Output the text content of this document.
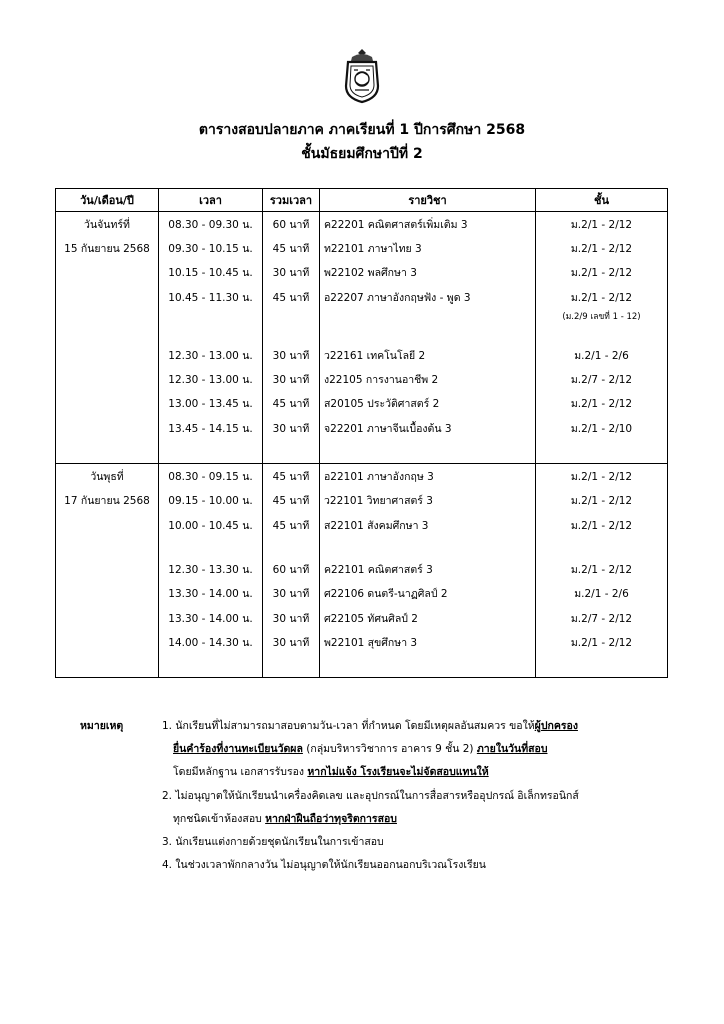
ตารางสอบปลายภาค ภาคเรียนที่ 1 ปีการศึกษา 2568
ชั้นมัธยมศึกษาปีที่ 2
วัน/เดือน/ปี	เวลา	รวมเวลา	รายวิชา	ชั้น
วันจันทร์ที่	08.30 - 09.30 น.	60 นาที	ค22201 คณิตศาสตร์เพิ่มเติม 3	ม.2/1 - 2/12
15 กันยายน 2568	09.30 - 10.15 น.	45 นาที	ท22101 ภาษาไทย 3	ม.2/1 - 2/12
	10.15 - 10.45 น.	30 นาที	พ22102 พลศึกษา 3	ม.2/1 - 2/12
	10.45 - 11.30 น.	45 นาที	อ22207 ภาษาอังกฤษฟัง - พูด 3	ม.2/1 - 2/12
				(ม.2/9 เลขที่ 1 - 12)

	12.30 - 13.00 น.	30 นาที	ว22161 เทคโนโลยี 2	ม.2/1 - 2/6
	12.30 - 13.00 น.	30 นาที	ง22105 การงานอาชีพ 2	ม.2/7 - 2/12
	13.00 - 13.45 น.	45 นาที	ส20105 ประวัติศาสตร์ 2	ม.2/1 - 2/12
	13.45 - 14.15 น.	30 นาที	จ22201 ภาษาจีนเบื้องต้น 3	ม.2/1 - 2/10

วันพุธที่	08.30 - 09.15 น.	45 นาที	อ22101 ภาษาอังกฤษ 3	ม.2/1 - 2/12
17 กันยายน 2568	09.15 - 10.00 น.	45 นาที	ว22101 วิทยาศาสตร์ 3	ม.2/1 - 2/12
	10.00 - 10.45 น.	45 นาที	ส22101 สังคมศึกษา 3	ม.2/1 - 2/12

	12.30 - 13.30 น.	60 นาที	ค22101 คณิตศาสตร์ 3	ม.2/1 - 2/12
	13.30 - 14.00 น.	30 นาที	ศ22106 ดนตรี-นาฏศิลป์ 2	ม.2/1 - 2/6
	13.30 - 14.00 น.	30 นาที	ศ22105 ทัศนศิลป์ 2	ม.2/7 - 2/12
	14.00 - 14.30 น.	30 นาที	พ22101 สุขศึกษา 3	ม.2/1 - 2/12

หมายเหตุ	1. นักเรียนที่ไม่สามารถมาสอบตามวัน-เวลา ที่กำหนด โดยมีเหตุผลอันสมควร ขอให้ผู้ปกครอง
ยื่นคำร้องที่งานทะเบียนวัดผล (กลุ่มบริหารวิชาการ อาคาร 9 ชั้น 2) ภายในวันที่สอบ
โดยมีหลักฐาน เอกสารรับรอง หากไม่แจ้ง โรงเรียนจะไม่จัดสอบแทนให้
2. ไม่อนุญาตให้นักเรียนนำเครื่องคิดเลข และอุปกรณ์ในการสื่อสารหรืออุปกรณ์ อิเล็กทรอนิกส์
ทุกชนิดเข้าห้องสอบ หากฝ่าฝืนถือว่าทุจริตการสอบ
3. นักเรียนแต่งกายด้วยชุดนักเรียนในการเข้าสอบ
4. ในช่วงเวลาพักกลางวัน ไม่อนุญาตให้นักเรียนออกนอกบริเวณโรงเรียน
